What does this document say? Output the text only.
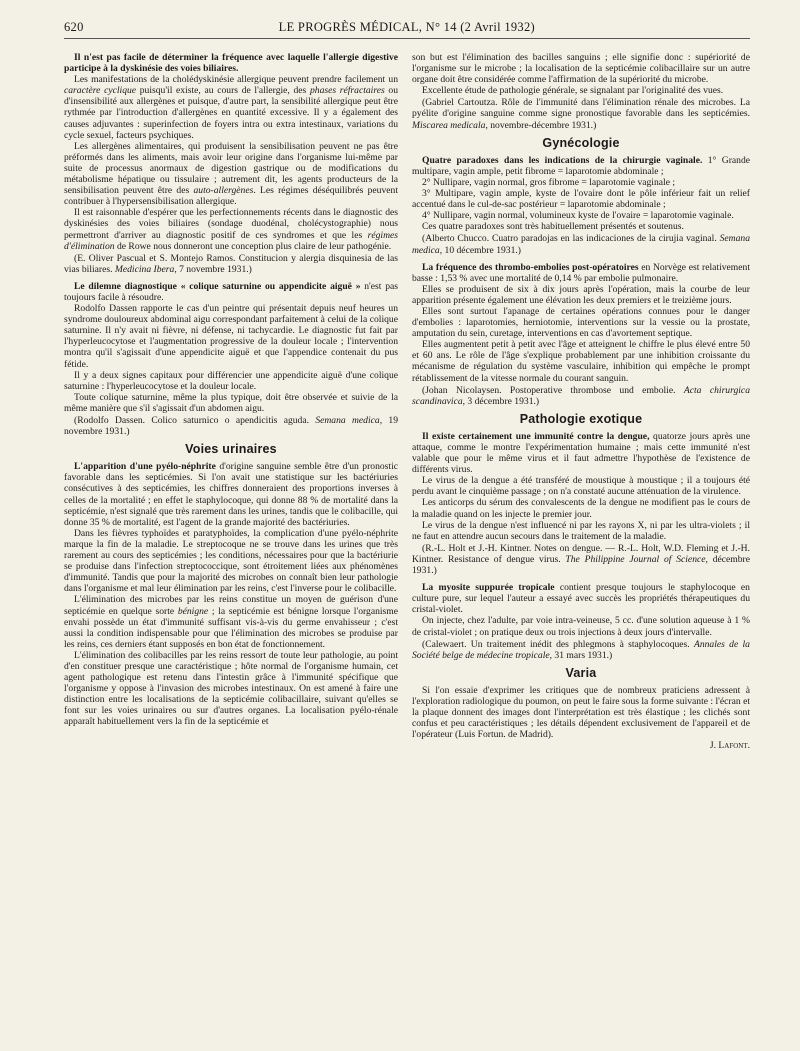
620	LE PROGRÈS MÉDICAL, N° 14 (2 Avril 1932)

Il n'est pas facile de déterminer la fréquence avec laquelle l'allergie digestive participe à la dyskinésie des voies biliaires.

Les manifestations de la cholédyskinésie allergique peuvent prendre facilement un caractère cyclique puisqu'il existe, au cours de l'allergie, des phases réfractaires ou d'insensibilité aux allergènes et puisque, d'autre part, la sensibilité allergique peut être rythmée par l'introduction d'allergènes en quantité excessive. Il y a également des causes adjuvantes : superinfection de foyers intra ou extra intestinaux, variations du cycle sexuel, facteurs psychiques.

Les allergènes alimentaires, qui produisent la sensibilisation peuvent ne pas être préformés dans les aliments, mais avoir leur origine dans l'organisme lui-même par suite de processus anormaux de digestion gastrique ou de modifications du métabolisme hépatique ou tissulaire ; autrement dit, les agents producteurs de la sensibilisation peuvent être des auto-allergènes. Les régimes déséquilibrés peuvent contribuer à l'hypersensibilisation allergique.

Il est raisonnable d'espérer que les perfectionnements récents dans le diagnostic des dyskinésies des voies biliaires (sondage duodénal, cholécystographie) nous permettront d'arriver au diagnostic positif de ces syndromes et que les régimes d'élimination de Rowe nous donneront une conception plus claire de leur pathogénie.

(E. Oliver Pascual et S. Montejo Ramos. Constitucion y alergia disquinesia de las vias biliares. Medicina Ibera, 7 novembre 1931.)

Le dilemne diagnostique « colique saturnine ou appendicite aiguë » n'est pas toujours facile à résoudre.

Rodolfo Dassen rapporte le cas d'un peintre qui présentait depuis neuf heures un syndrome douloureux abdominal aigu correspondant parfaitement à celui de la colique saturnine. Il n'y avait ni fièvre, ni défense, ni tachycardie. Le diagnostic fut fait par l'hyperleucocytose et l'augmentation progressive de la douleur locale ; l'intervention montra qu'il s'agissait d'une appendicite aiguë et que l'appendice contenait du pus fétide.

Il y a deux signes capitaux pour différencier une appendicite aiguë d'une colique saturnine : l'hyperleucocytose et la douleur locale.

Toute colique saturnine, même la plus typique, doit être observée et suivie de la même manière que s'il s'agissait d'un abdomen aigu.

(Rodolfo Dassen. Colico saturnico o apendicitis aguda. Semana medica, 19 novembre 1931.)

Voies urinaires

L'apparition d'une pyélo-néphrite d'origine sanguine semble être d'un pronostic favorable dans les septicémies. Si l'on avait une statistique sur les bactériuries consécutives à des septicémies, les chiffres donneraient des proportions inverses à celles de la mortalité ; en effet le staphylocoque, qui donne 88 % de mortalité dans la septicémie, n'est signalé que très rarement dans les urines, tandis que le colibacille, qui donne 35 % de mortalité, est l'agent de la grande majorité des bactériuries.

Dans les fièvres typhoïdes et paratyphoïdes, la complication d'une pyélo-néphrite marque la fin de la maladie. Le streptocoque ne se trouve dans les urines que très rarement au cours des septicémies ; les conditions, nécessaires pour que la bactériurie se produise dans l'infection streptococcique, sont étroitement liées aux phénomènes d'immunité. Tandis que pour la majorité des microbes on connaît bien leur pathologie dans l'organisme et mal leur élimination par les reins, c'est l'inverse pour le colibacille.

L'élimination des microbes par les reins constitue un moyen de guérison d'une septicémie en quelque sorte bénigne ; la septicémie est bénigne lorsque l'organisme envahi possède un état d'immunité suffisant vis-à-vis du germe envahisseur ; c'est aussi la condition indispensable pour que l'élimination des microbes se produise par les reins, ces derniers étant supposés en bon état de fonctionnement.

L'élimination des colibacilles par les reins ressort de toute leur pathologie, au point d'en constituer presque une caractéristique ; hôte normal de l'organisme humain, cet agent pathologique est retenu dans l'intestin grâce à l'immunité spécifique que l'organisme y oppose à l'invasion des microbes intestinaux. On est amené à faire une distinction entre les localisations de la septicémie colibacillaire, suivant qu'elles se font sur les voies urinaires ou sur d'autres organes. La localisation pyélo-rénale apparaît habituellement vers la fin de la septicémie et

son but est l'élimination des bacilles sanguins ; elle signifie donc : supériorité de l'organisme sur le microbe ; la localisation de la septicémie colibacillaire sur un autre organe doit être considérée comme l'affirmation de la supériorité du microbe.

Excellente étude de pathologie générale, se signalant par l'originalité des vues.

(Gabriel Cartoutza. Rôle de l'immunité dans l'élimination rénale des microbes. La pyélite d'origine sanguine comme signe pronostique favorable dans les septicémies. Miscarea medicala, novembre-décembre 1931.)

Gynécologie

Quatre paradoxes dans les indications de la chirurgie vaginale. 1° Grande multipare, vagin ample, petit fibrome = laparotomie abdominale ;

2° Nullipare, vagin normal, gros fibrome = laparotomie vaginale ;

3° Multipare, vagin ample, kyste de l'ovaire dont le pôle inférieur fait un relief accentué dans le cul-de-sac postérieur = laparotomie abdominale ;

4° Nullipare, vagin normal, volumineux kyste de l'ovaire = laparotomie vaginale.

Ces quatre paradoxes sont très habituellement présentés et soutenus.

(Alberto Chucco. Cuatro paradojas en las indicaciones de la cirujia vaginal. Semana medica, 10 décembre 1931.)

La fréquence des thrombo-embolies post-opératoires en Norvège est relativement basse : 1,53 % avec une mortalité de 0,14 % par embolie pulmonaire.

Elles se produisent de six à dix jours après l'opération, mais la courbe de leur apparition présente également une élévation les deux premiers et le treizième jours.

Elles sont surtout l'apanage de certaines opérations connues pour le danger d'embolies : laparotomies, herniotomie, interventions sur la vessie ou la prostate, amputation du sein, curetage, interventions en cas d'avortement septique.

Elles augmentent petit à petit avec l'âge et atteignent le chiffre le plus élevé entre 50 et 60 ans. Le rôle de l'âge s'explique probablement par une inhibition croissante du mécanisme de régulation du système vasculaire, inhibition qui empêche le prompt rétablissement de la vitesse normale du courant sanguin.

(Johan Nicolaysen. Postoperative thrombose und embolie. Acta chirurgica scandinavica, 3 décembre 1931.)

Pathologie exotique

Il existe certainement une immunité contre la dengue, quatorze jours après une attaque, comme le montre l'expérimentation humaine ; mais cette immunité n'est valable que pour le même virus et il faut admettre l'hypothèse de l'existence de différents virus.

Le virus de la dengue a été transféré de moustique à moustique ; il a toujours été perdu avant le cinquième passage ; on n'a constaté aucune atténuation de la virulence.

Les anticorps du sérum des convalescents de la dengue ne modifient pas le cours de la maladie quand on les injecte le premier jour.

Le virus de la dengue n'est influencé ni par les rayons X, ni par les ultra-violets ; il ne faut en attendre aucun secours dans le traitement de la maladie.

(R.-L. Holt et J.-H. Kintner. Notes on dengue. — R.-L. Holt, W.D. Fleming et J.-H. Kintner. Resistance of dengue virus. The Philippine Journal of Science, décembre 1931.)

La myosite suppurée tropicale contient presque toujours le staphylocoque en culture pure, sur lequel l'auteur a essayé avec succès les propriétés thérapeutiques du cristal-violet.

On injecte, chez l'adulte, par voie intra-veineuse, 5 cc. d'une solution aqueuse à 1 % de cristal-violet ; on pratique deux ou trois injections à deux jours d'intervalle.

(Calewaert. Un traitement inédit des phlegmons à staphylocoques. Annales de la Société belge de médecine tropicale, 31 mars 1931.)

Varia

Si l'on essaie d'exprimer les critiques que de nombreux praticiens adressent à l'exploration radiologique du poumon, on peut le faire sous la forme suivante : l'écran et la plaque donnent des images dont l'interprétation est très élastique ; les clichés sont confus et peu caractéristiques ; les détails dépendent exclusivement de l'appareil et de l'opérateur (Luis Fortun. de Madrid).

J. Lafont.
